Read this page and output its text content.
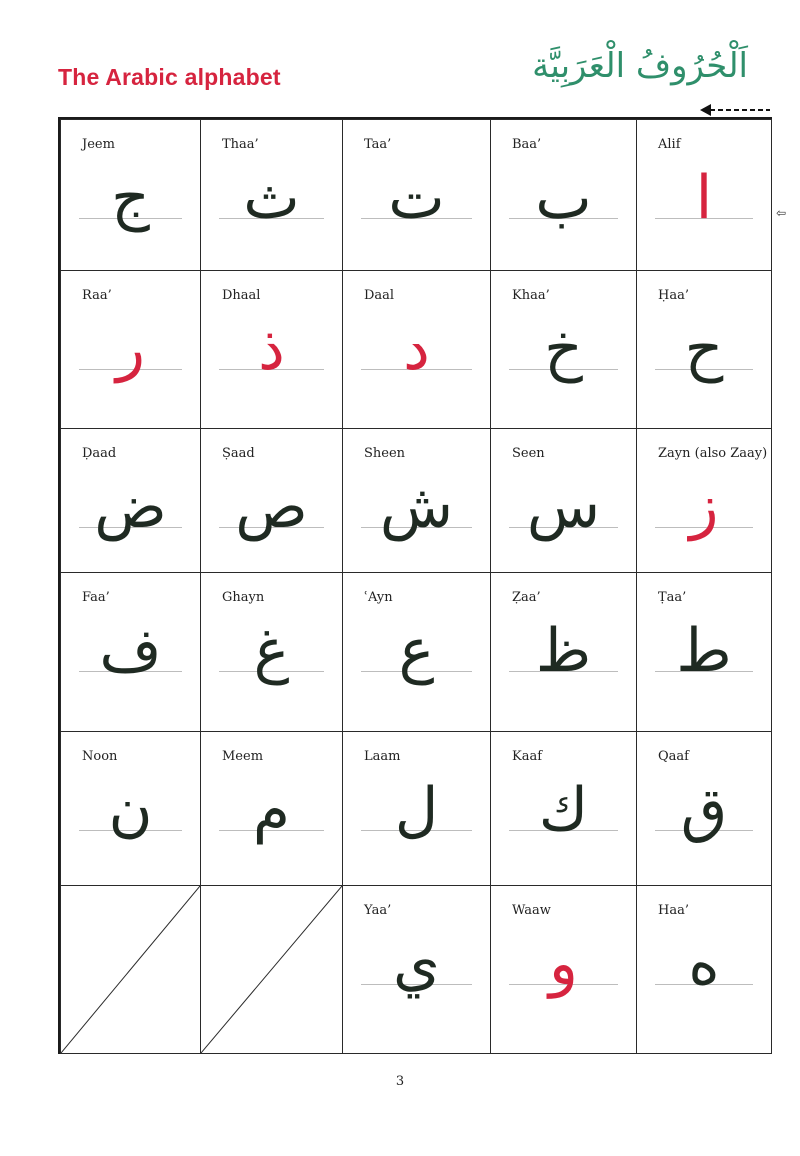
The Arabic alphabet	اَلْحُرُوفُ الْعَرَبِيَّة
⇦
Alif
ا
Baa’
ب
Taa’
ت
Thaa’
ث
Jeem
ج
Ḥaa’
ح
Khaa’
خ
Daal
د
Dhaal
ذ
Raa’
ر
Zayn (also Zaay)
ز
Seen
س
Sheen
ش
Ṣaad
ص
Ḍaad
ض
Ṭaa’
ط
Ẓaa’
ظ
ʿAyn
ع
Ghayn
غ
Faa’
ف
Qaaf
ق
Kaaf
ك
Laam
ل
Meem
م
Noon
ن
Haa’
ه
Waaw
و
Yaa’
ي
3
